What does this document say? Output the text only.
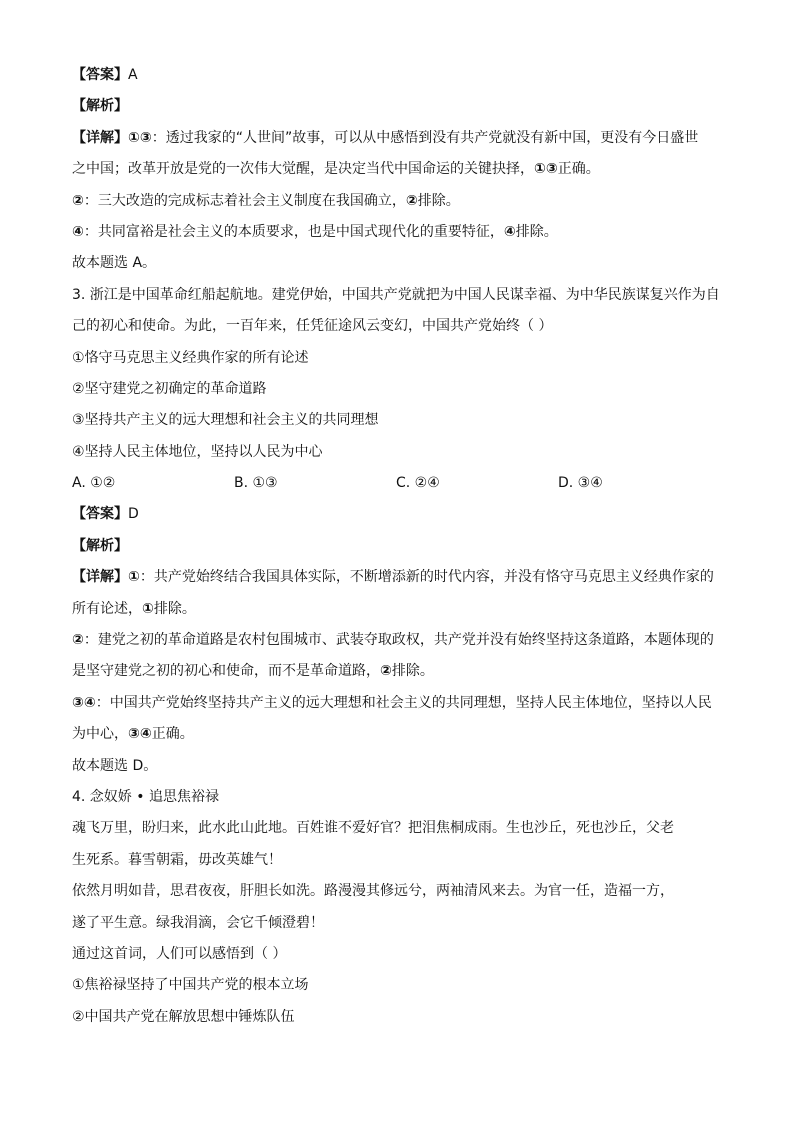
【答案】A
【解析】
【详解】①③：透过我家的“人世间”故事，可以从中感悟到没有共产党就没有新中国，更没有今日盛世
之中国；改革开放是党的一次伟大觉醒，是决定当代中国命运的关键抉择，①③正确。
②：三大改造的完成标志着社会主义制度在我国确立，②排除。
④：共同富裕是社会主义的本质要求，也是中国式现代化的重要特征，④排除。
故本题选 A。
3. 浙江是中国革命红船起航地。建党伊始，中国共产党就把为中国人民谋幸福、为中华民族谋复兴作为自
己的初心和使命。为此，一百年来，任凭征途风云变幻，中国共产党始终（ ）
①恪守马克思主义经典作家的所有论述
②坚守建党之初确定的革命道路
③坚持共产主义的远大理想和社会主义的共同理想
④坚持人民主体地位，坚持以人民为中心
A. ①②	B. ①③	C. ②④	D. ③④
【答案】D
【解析】
【详解】①：共产党始终结合我国具体实际，不断增添新的时代内容，并没有恪守马克思主义经典作家的
所有论述，①排除。
②：建党之初的革命道路是农村包围城市、武装夺取政权，共产党并没有始终坚持这条道路，本题体现的
是坚守建党之初的初心和使命，而不是革命道路，②排除。
③④：中国共产党始终坚持共产主义的远大理想和社会主义的共同理想，坚持人民主体地位，坚持以人民
为中心，③④正确。
故本题选 D。
4. 念奴娇 • 追思焦裕禄
魂飞万里，盼归来，此水此山此地。百姓谁不爱好官？把泪焦桐成雨。生也沙丘，死也沙丘，父老
生死系。暮雪朝霜，毋改英雄气！
依然月明如昔，思君夜夜，肝胆长如洗。路漫漫其修远兮，两袖清风来去。为官一任，造福一方，
遂了平生意。绿我涓滴，会它千倾澄碧！
通过这首词，人们可以感悟到（ ）
①焦裕禄坚持了中国共产党的根本立场
②中国共产党在解放思想中锤炼队伍
